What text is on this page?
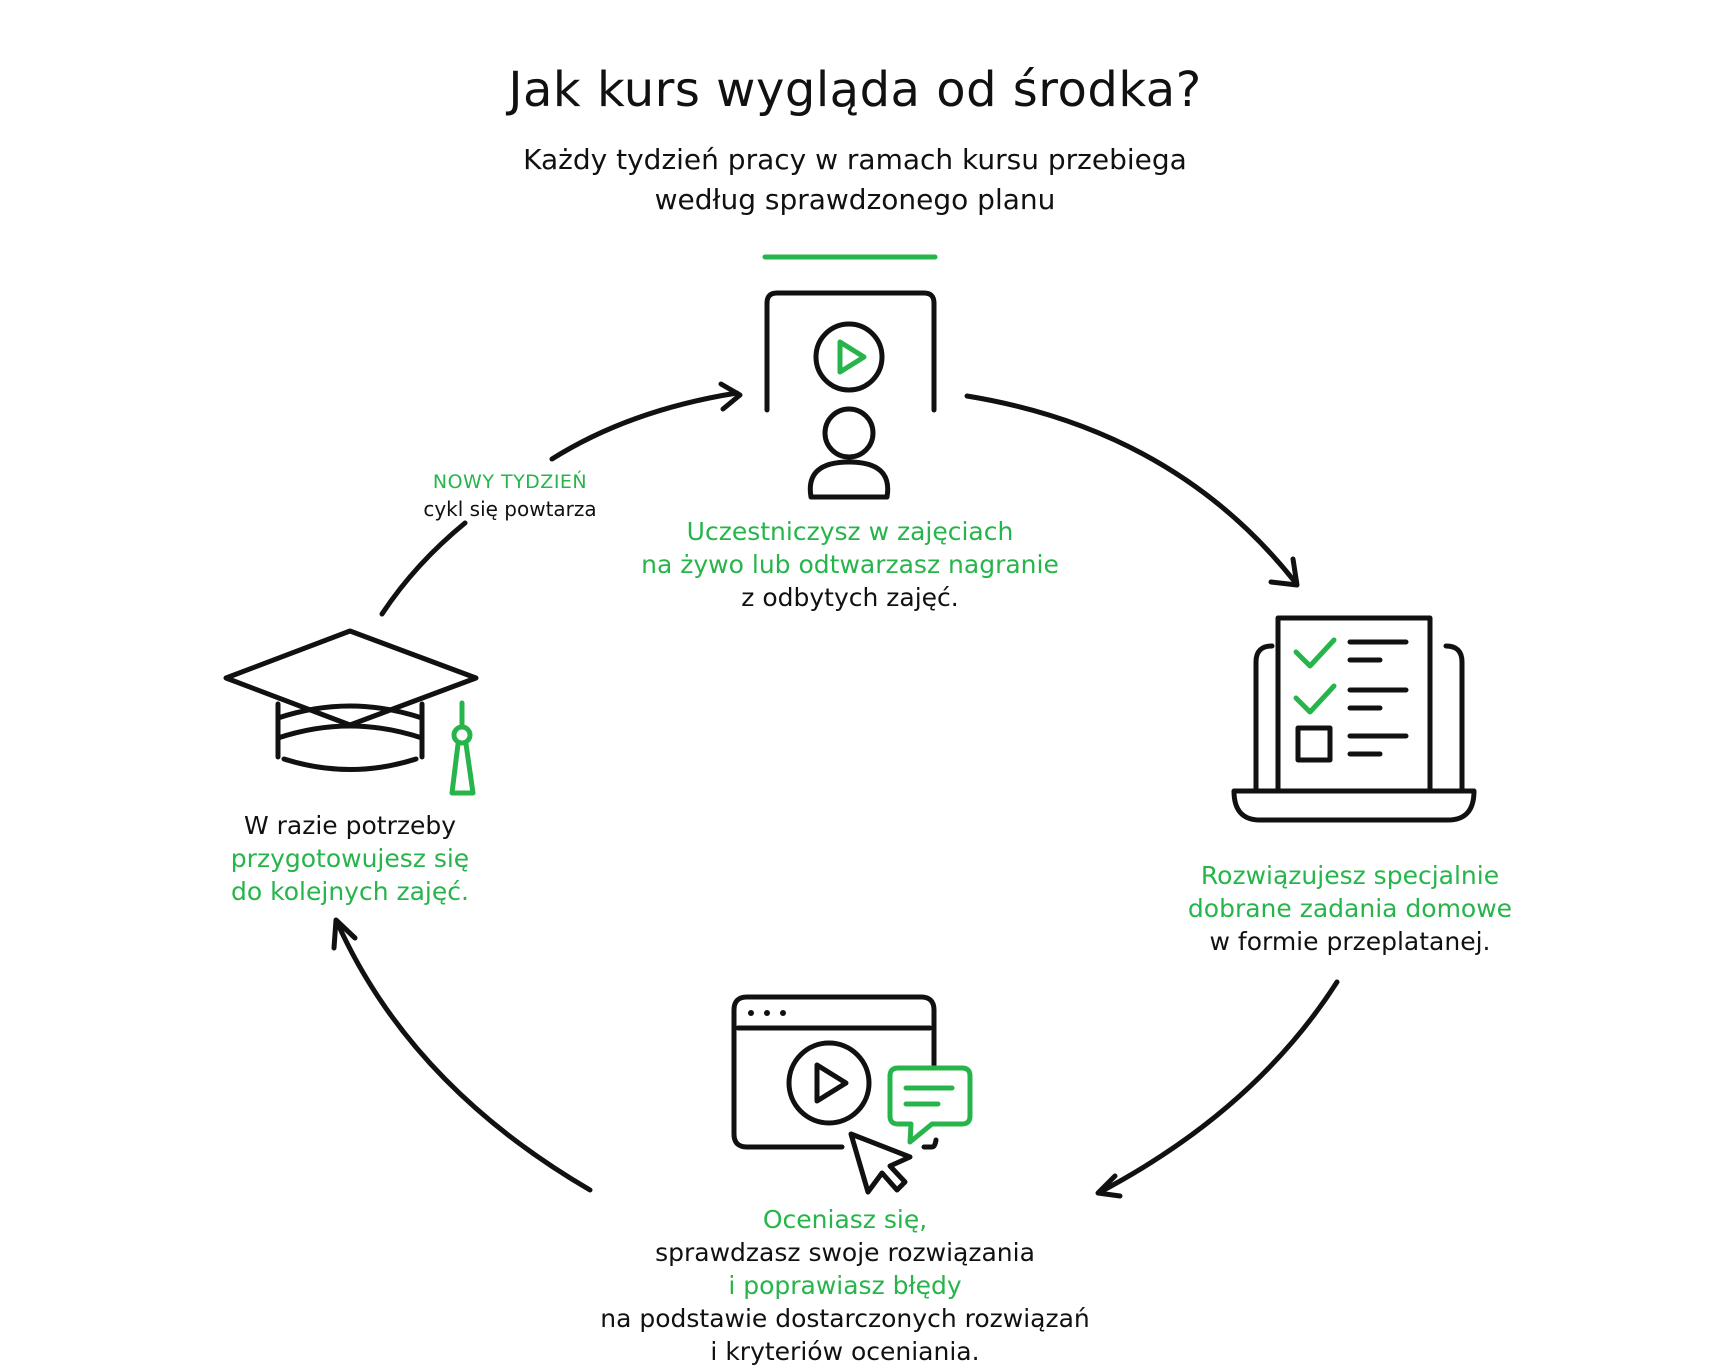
Jak kurs wygląda od środka?
Każdy tydzień pracy w ramach kursu przebiega
według sprawdzonego planu
NOWY TYDZIEŃ
cykl się powtarza
Uczestniczysz w zajęciach
na żywo lub odtwarzasz nagranie
z odbytych zajęć.
Rozwiązujesz specjalnie
dobrane zadania domowe
w formie przeplatanej.
Oceniasz się,
sprawdzasz swoje rozwiązania
i poprawiasz błędy
na podstawie dostarczonych rozwiązań
i kryteriów oceniania.
W razie potrzeby
przygotowujesz się
do kolejnych zajęć.
